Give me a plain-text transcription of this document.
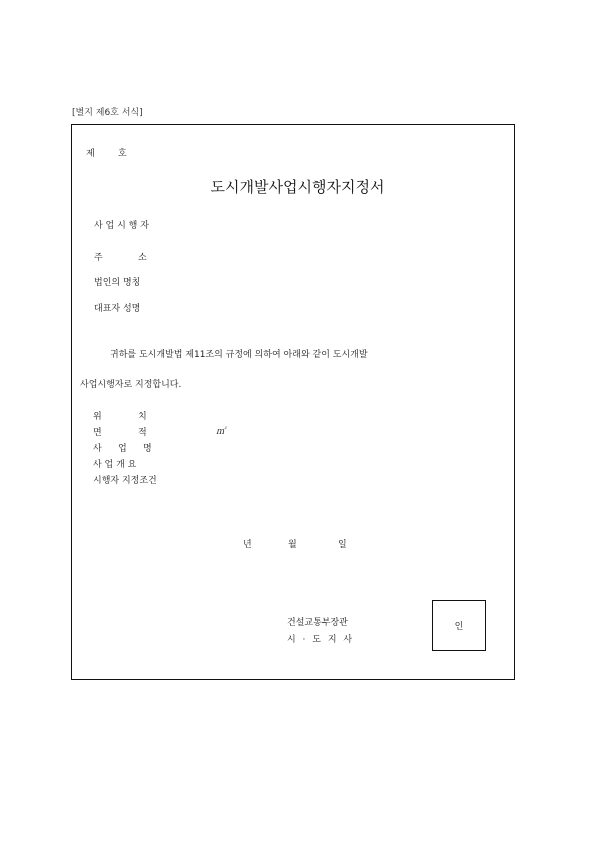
[별지 제6호 서식]
제	호
도시개발사업시행자지정서
사 업 시 행 자
주	소
법인의 명칭
대표자 성명
귀하를 도시개발법 제11조의 규정에 의하여 아래와 같이 도시개발
사업시행자로 지정합니다.
위	치
면	적	㎡
사 업 명
사 업 개 요
시행자 지정조건
년	월	일
건설교통부장관
시 · 도 지 사
인
